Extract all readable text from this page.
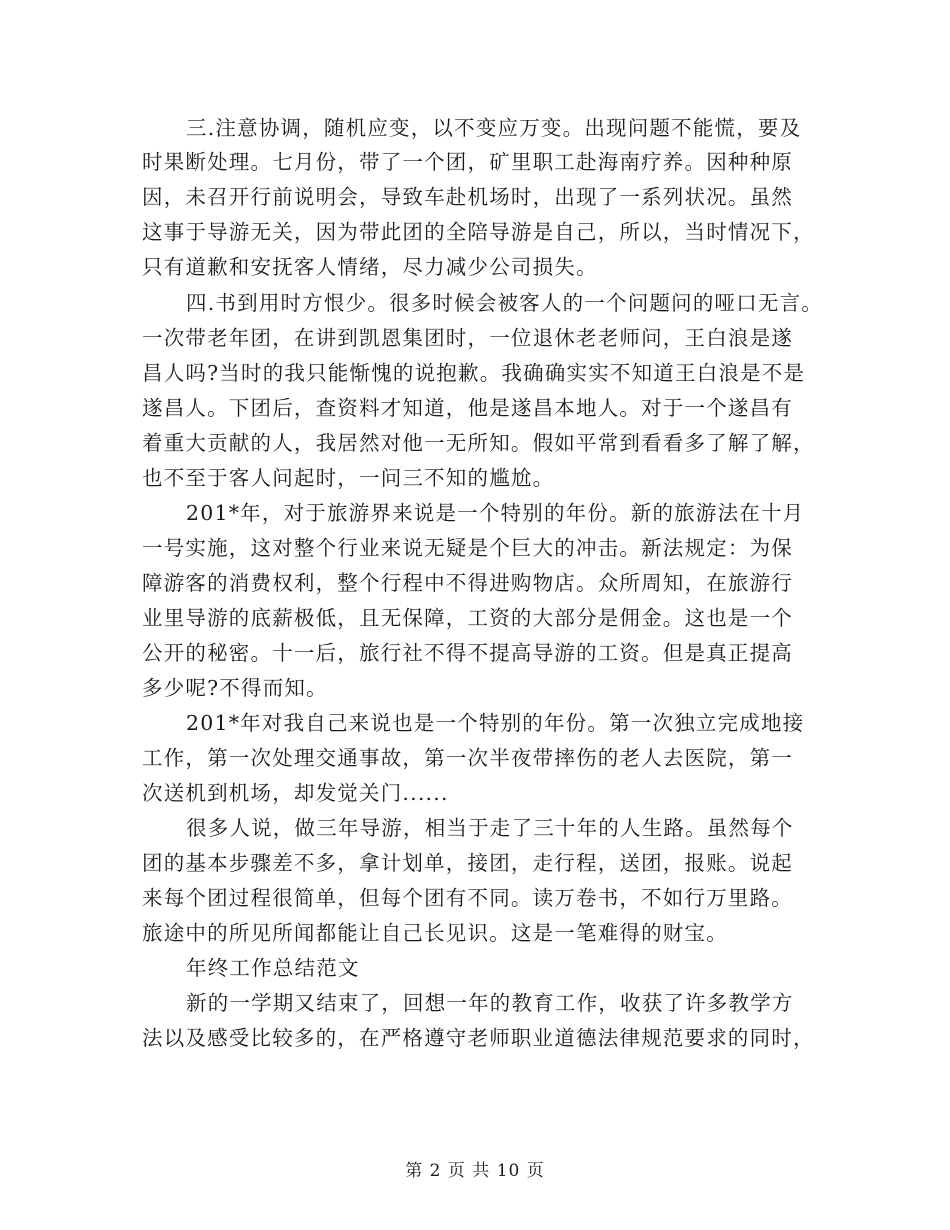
三.注意协调，随机应变，以不变应万变。出现问题不能慌，要及
时果断处理。七月份，带了一个团，矿里职工赴海南疗养。因种种原
因，未召开行前说明会，导致车赴机场时，出现了一系列状况。虽然
这事于导游无关，因为带此团的全陪导游是自己，所以，当时情况下，
只有道歉和安抚客人情绪，尽力减少公司损失。
四.书到用时方恨少。很多时候会被客人的一个问题问的哑口无言。
一次带老年团，在讲到凯恩集团时，一位退休老老师问，王白浪是遂
昌人吗?当时的我只能惭愧的说抱歉。我确确实实不知道王白浪是不是
遂昌人。下团后，查资料才知道，他是遂昌本地人。对于一个遂昌有
着重大贡献的人，我居然对他一无所知。假如平常到看看多了解了解，
也不至于客人问起时，一问三不知的尴尬。
201*年，对于旅游界来说是一个特别的年份。新的旅游法在十月
一号实施，这对整个行业来说无疑是个巨大的冲击。新法规定：为保
障游客的消费权利，整个行程中不得进购物店。众所周知，在旅游行
业里导游的底薪极低，且无保障，工资的大部分是佣金。这也是一个
公开的秘密。十一后，旅行社不得不提高导游的工资。但是真正提高
多少呢?不得而知。
201*年对我自己来说也是一个特别的年份。第一次独立完成地接
工作，第一次处理交通事故，第一次半夜带摔伤的老人去医院，第一
次送机到机场，却发觉关门......
很多人说，做三年导游，相当于走了三十年的人生路。虽然每个
团的基本步骤差不多，拿计划单，接团，走行程，送团，报账。说起
来每个团过程很简单，但每个团有不同。读万卷书，不如行万里路。
旅途中的所见所闻都能让自己长见识。这是一笔难得的财宝。
年终工作总结范文
新的一学期又结束了，回想一年的教育工作，收获了许多教学方
法以及感受比较多的，在严格遵守老师职业道德法律规范要求的同时，
第 2 页 共 10 页
